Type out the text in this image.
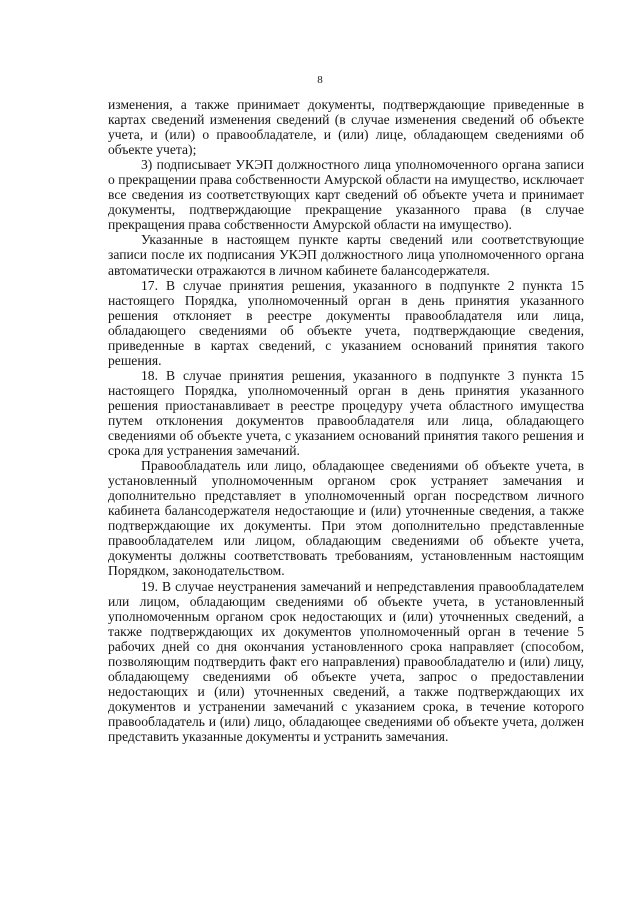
8

изменения, а также принимает документы, подтверждающие приведенные в картах сведений изменения сведений (в случае изменения сведений об объекте учета, и (или) о правообладателе, и (или) лице, обладающем сведениями об объекте учета);

3) подписывает УКЭП должностного лица уполномоченного органа записи о прекращении права собственности Амурской области на имущество, исключает все сведения из соответствующих карт сведений об объекте учета и принимает документы, подтверждающие прекращение указанного права (в случае прекращения права собственности Амурской области на имущество).

Указанные в настоящем пункте карты сведений или соответствующие записи после их подписания УКЭП должностного лица уполномоченного органа автоматически отражаются в личном кабинете балансодержателя.

17. В случае принятия решения, указанного в подпункте 2 пункта 15 настоящего Порядка, уполномоченный орган в день принятия указанного решения отклоняет в реестре документы правообладателя или лица, обладающего сведениями об объекте учета, подтверждающие сведения, приведенные в картах сведений, с указанием оснований принятия такого решения.

18. В случае принятия решения, указанного в подпункте 3 пункта 15 настоящего Порядка, уполномоченный орган в день принятия указанного решения приостанавливает в реестре процедуру учета областного имущества путем отклонения документов правообладателя или лица, обладающего сведениями об объекте учета, с указанием оснований принятия такого решения и срока для устранения замечаний.

Правообладатель или лицо, обладающее сведениями об объекте учета, в установленный уполномоченным органом срок устраняет замечания и дополнительно представляет в уполномоченный орган посредством личного кабинета балансодержателя недостающие и (или) уточненные сведения, а также подтверждающие их документы. При этом дополнительно представленные правообладателем или лицом, обладающим сведениями об объекте учета, документы должны соответствовать требованиям, установленным настоящим Порядком, законодательством.

19. В случае неустранения замечаний и непредставления правообладателем или лицом, обладающим сведениями об объекте учета, в установленный уполномоченным органом срок недостающих и (или) уточненных сведений, а также подтверждающих их документов уполномоченный орган в течение 5 рабочих дней со дня окончания установленного срока направляет (способом, позволяющим подтвердить факт его направления) правообладателю и (или) лицу, обладающему сведениями об объекте учета, запрос о предоставлении недостающих и (или) уточненных сведений, а также подтверждающих их документов и устранении замечаний с указанием срока, в течение которого правообладатель и (или) лицо, обладающее сведениями об объекте учета, должен представить указанные документы и устранить замечания.
